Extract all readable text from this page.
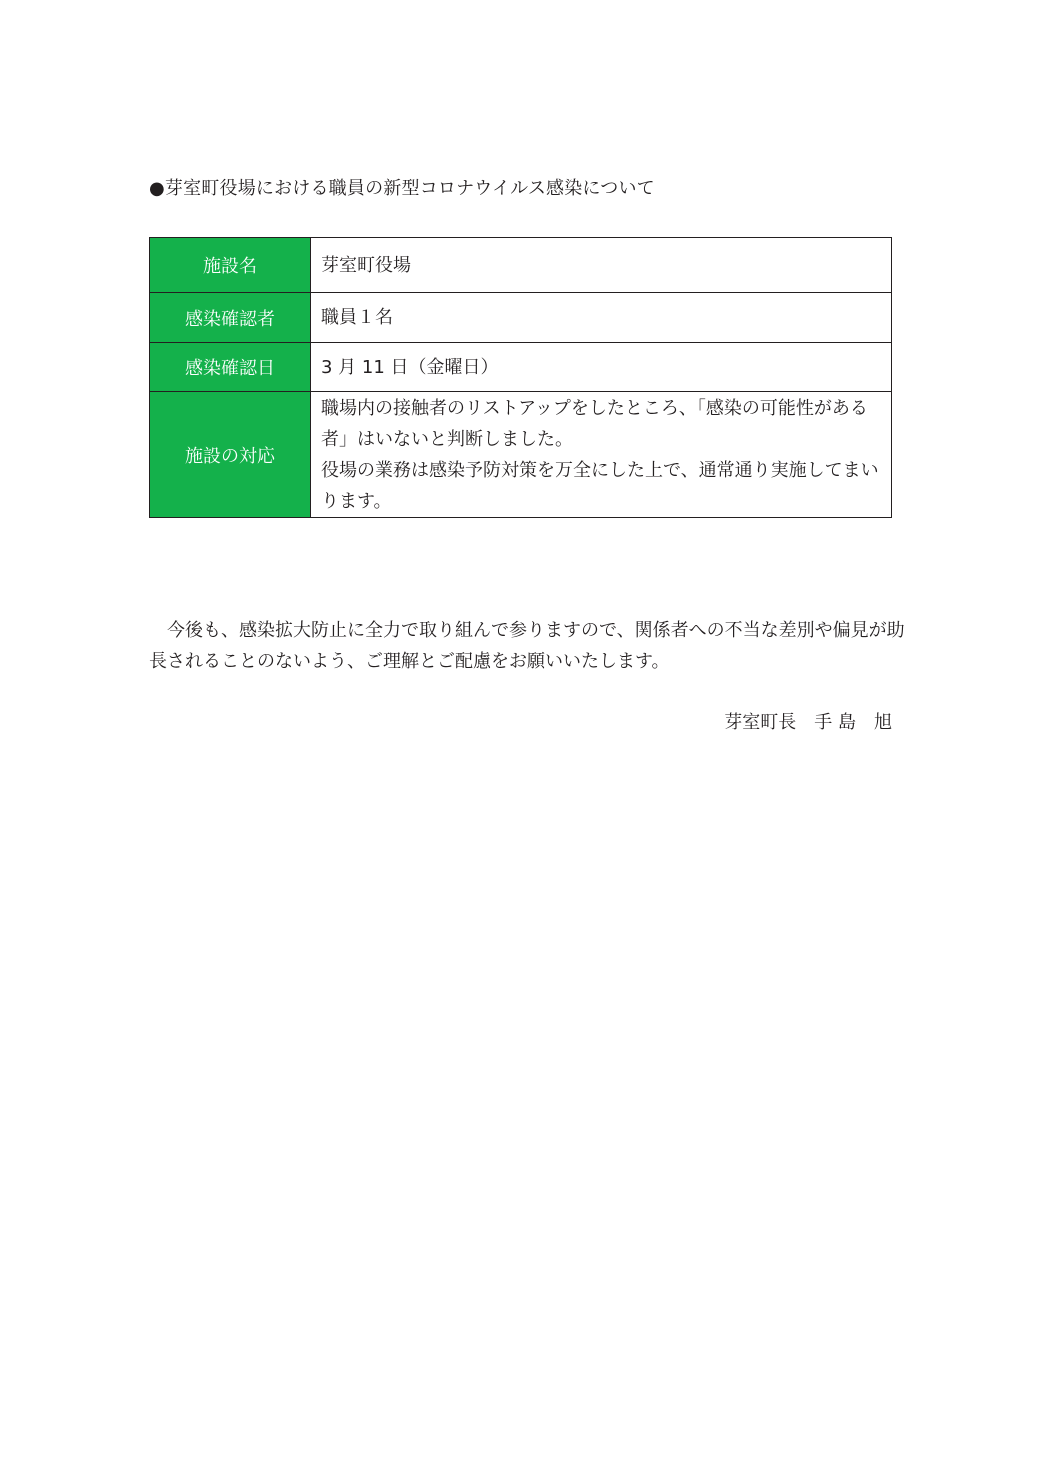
●芽室町役場における職員の新型コロナウイルス感染について
施設名	芽室町役場

感染確認者	職員１名

感染確認日	3 月 11 日（金曜日）

施設の対応	職場内の接触者のリストアップをしたところ、「感染の可能性がある
者」はいないと判断しました。
役場の業務は感染予防対策を万全にした上で、通常通り実施してまい
ります。
　今後も、感染拡大防止に全力で取り組んで参りますので、関係者への不当な差別や偏見が助
長されることのないよう、ご理解とご配慮をお願いいたします。
芽室町長　手 島　旭
